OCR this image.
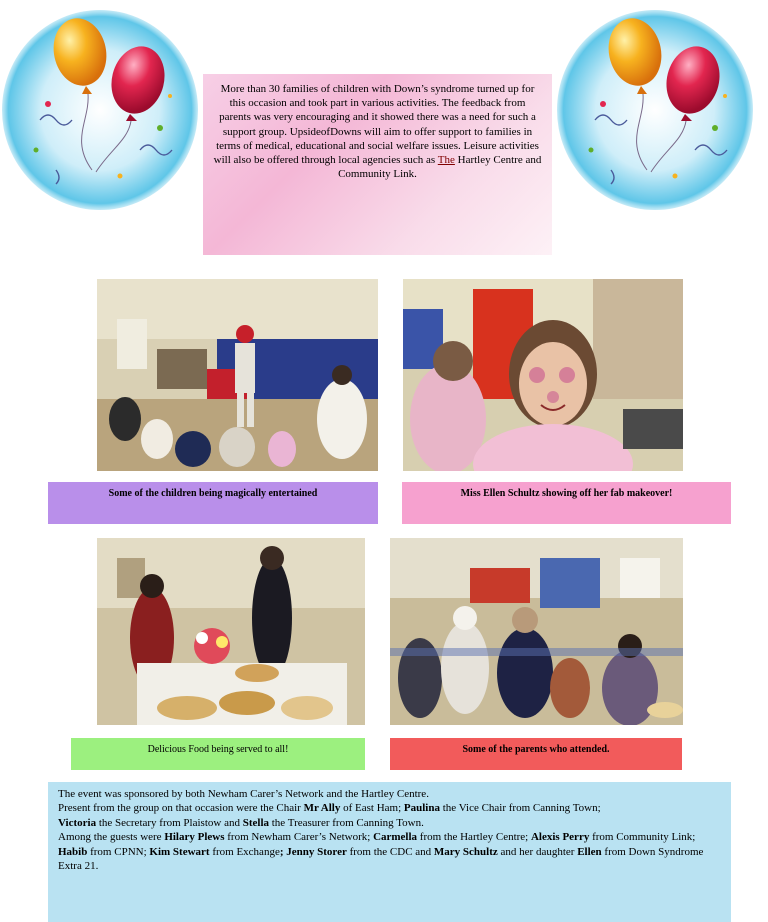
More than 30 families of children with Down’s syndrome turned up for this occasion and took part in various activities. The feedback from parents was very encouraging and it showed there was a need for such a support group. UpsideofDowns will aim to offer support to families in terms of medical, educational and social welfare issues. Leisure activities will also be offered through local agencies such as The Hartley Centre and Community Link.
Some of the children being magically entertained	Miss Ellen Schultz showing off her fab makeover!
Delicious Food being served to all!	Some of the parents who attended.

The event was sponsored by both Newham Carer’s Network and the Hartley Centre.

Present from the group on that occasion were the Chair Mr Ally of East Ham; Paulina the Vice Chair from Canning Town;

Victoria the Secretary from Plaistow and Stella the Treasurer from Canning Town.

Among the guests were Hilary Plews from Newham Carer’s Network; Carmella from the Hartley Centre; Alexis Perry from Community Link; Habib from CPNN; Kim Stewart from Exchange; Jenny Storer from the CDC and Mary Schultz and her daughter Ellen from Down Syndrome Extra 21.
